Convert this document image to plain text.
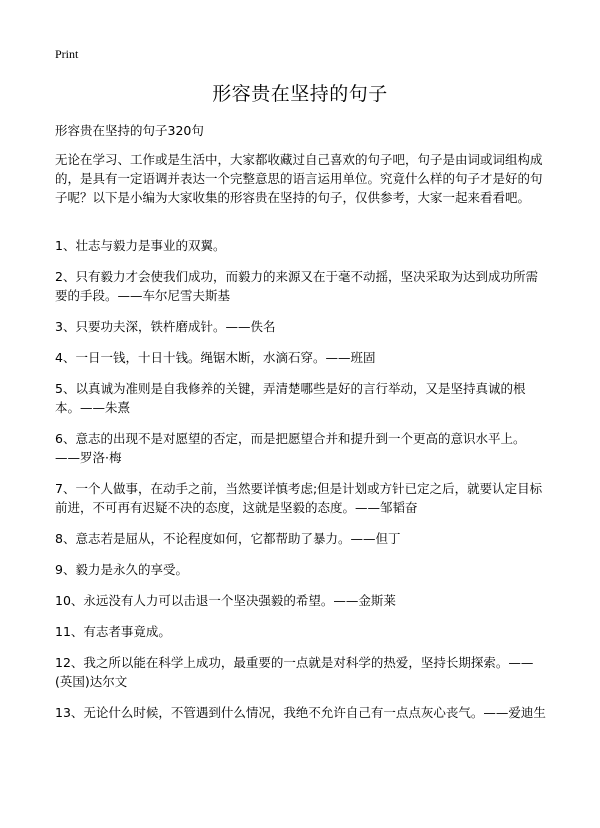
Print
形容贵在坚持的句子

形容贵在坚持的句子320句

无论在学习、工作或是生活中，大家都收藏过自己喜欢的句子吧，句子是由词或词组构成的，是具有一定语调并表达一个完整意思的语言运用单位。究竟什么样的句子才是好的句子呢？以下是小编为大家收集的形容贵在坚持的句子，仅供参考，大家一起来看看吧。

1、壮志与毅力是事业的双翼。
2、只有毅力才会使我们成功，而毅力的来源又在于毫不动摇，坚决采取为达到成功所需要的手段。——车尔尼雪夫斯基
3、只要功夫深，铁杵磨成针。——佚名
4、一日一钱，十日十钱。绳锯木断，水滴石穿。——班固
5、以真诚为准则是自我修养的关键，弄清楚哪些是好的言行举动，又是坚持真诚的根本。——朱熹
6、意志的出现不是对愿望的否定，而是把愿望合并和提升到一个更高的意识水平上。——罗洛·梅
7、一个人做事，在动手之前，当然要详慎考虑;但是计划或方针已定之后，就要认定目标前进，不可再有迟疑不决的态度，这就是坚毅的态度。——邹韬奋
8、意志若是屈从，不论程度如何，它都帮助了暴力。——但丁
9、毅力是永久的享受。
10、永远没有人力可以击退一个坚决强毅的希望。——金斯莱
11、有志者事竟成。
12、我之所以能在科学上成功，最重要的一点就是对科学的热爱，坚持长期探索。——(英国)达尔文
13、无论什么时候，不管遇到什么情况，我绝不允许自己有一点点灰心丧气。——爱迪生
